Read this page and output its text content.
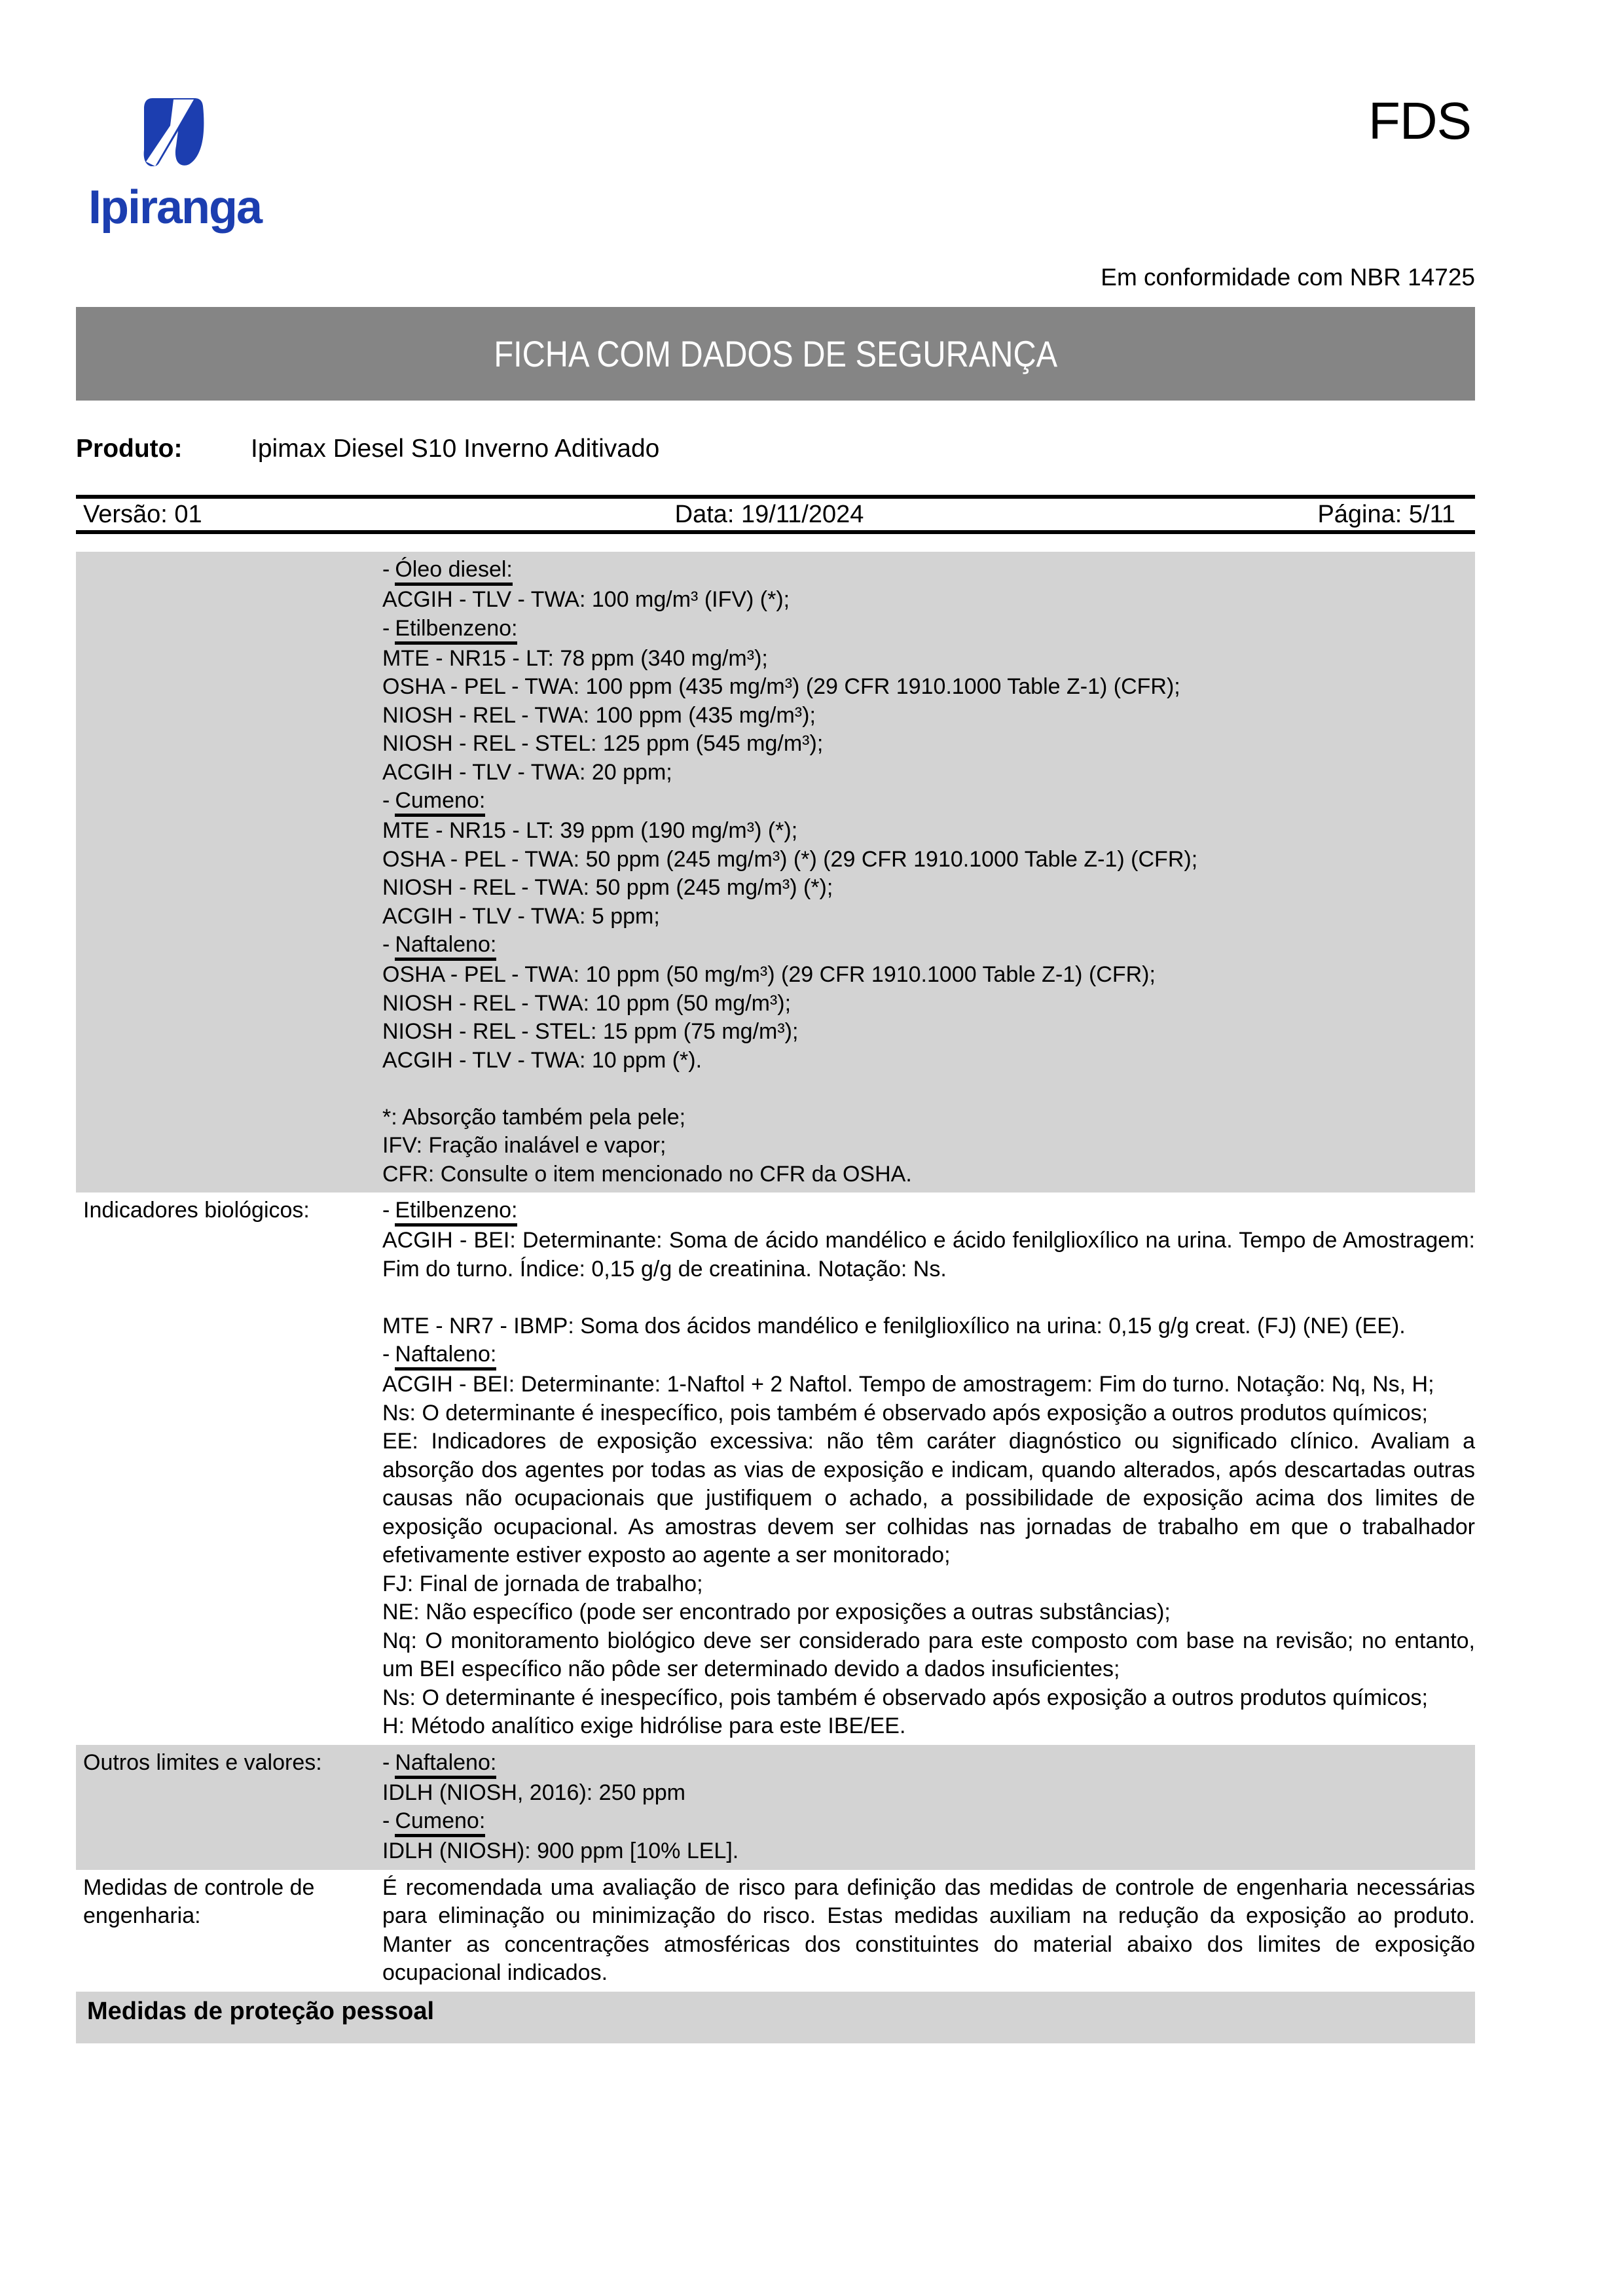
Ipiranga
FDS
Em conformidade com NBR 14725
FICHA COM DADOS DE SEGURANÇA
Produto:	Ipimax Diesel S10 Inverno Aditivado
Versão: 01	Data: 19/11/2024	Página: 5/11

- Óleo diesel:

ACGIH - TLV - TWA: 100 mg/m³ (IFV) (*);

- Etilbenzeno:

MTE - NR15 - LT: 78 ppm (340 mg/m³);

OSHA - PEL - TWA: 100 ppm (435 mg/m³) (29 CFR 1910.1000 Table Z-1) (CFR);

NIOSH - REL - TWA: 100 ppm (435 mg/m³);

NIOSH - REL - STEL: 125 ppm (545 mg/m³);

ACGIH - TLV - TWA: 20 ppm;

- Cumeno:

MTE - NR15 - LT: 39 ppm (190 mg/m³) (*);

OSHA - PEL - TWA: 50 ppm (245 mg/m³) (*) (29 CFR 1910.1000 Table Z-1) (CFR);

NIOSH - REL - TWA: 50 ppm (245 mg/m³) (*);

ACGIH - TLV - TWA: 5 ppm;

- Naftaleno:

OSHA - PEL - TWA: 10 ppm (50 mg/m³) (29 CFR 1910.1000 Table Z-1) (CFR);

NIOSH - REL - TWA: 10 ppm (50 mg/m³);

NIOSH - REL - STEL: 15 ppm (75 mg/m³);

ACGIH - TLV - TWA: 10 ppm (*).

*: Absorção também pela pele;

IFV: Fração inalável e vapor;

CFR: Consulte o item mencionado no CFR da OSHA.

Indicadores biológicos:	- Etilbenzeno:

ACGIH - BEI: Determinante: Soma de ácido mandélico e ácido fenilglioxílico na urina. Tempo de Amostragem: Fim do turno. Índice: 0,15 g/g de creatinina. Notação: Ns.

MTE - NR7 - IBMP: Soma dos ácidos mandélico e fenilglioxílico na urina: 0,15 g/g creat. (FJ) (NE) (EE).

- Naftaleno:

ACGIH - BEI: Determinante: 1-Naftol + 2 Naftol. Tempo de amostragem: Fim do turno. Notação: Nq, Ns, H;

Ns: O determinante é inespecífico, pois também é observado após exposição a outros produtos químicos;

EE: Indicadores de exposição excessiva: não têm caráter diagnóstico ou significado clínico. Avaliam a absorção dos agentes por todas as vias de exposição e indicam, quando alterados, após descartadas outras causas não ocupacionais que justifiquem o achado, a possibilidade de exposição acima dos limites de exposição ocupacional. As amostras devem ser colhidas nas jornadas de trabalho em que o trabalhador efetivamente estiver exposto ao agente a ser monitorado;

FJ: Final de jornada de trabalho;

NE: Não específico (pode ser encontrado por exposições a outras substâncias);

Nq: O monitoramento biológico deve ser considerado para este composto com base na revisão; no entanto, um BEI específico não pôde ser determinado devido a dados insuficientes;

Ns: O determinante é inespecífico, pois também é observado após exposição a outros produtos químicos;

H: Método analítico exige hidrólise para este IBE/EE.

Outros limites e valores:	- Naftaleno:

IDLH (NIOSH, 2016): 250 ppm

- Cumeno:

IDLH (NIOSH): 900 ppm [10% LEL].

Medidas de controle de engenharia:

É recomendada uma avaliação de risco para definição das medidas de controle de engenharia necessárias para eliminação ou minimização do risco. Estas medidas auxiliam na redução da exposição ao produto. Manter as concentrações atmosféricas dos constituintes do material abaixo dos limites de exposição ocupacional indicados.

Medidas de proteção pessoal
